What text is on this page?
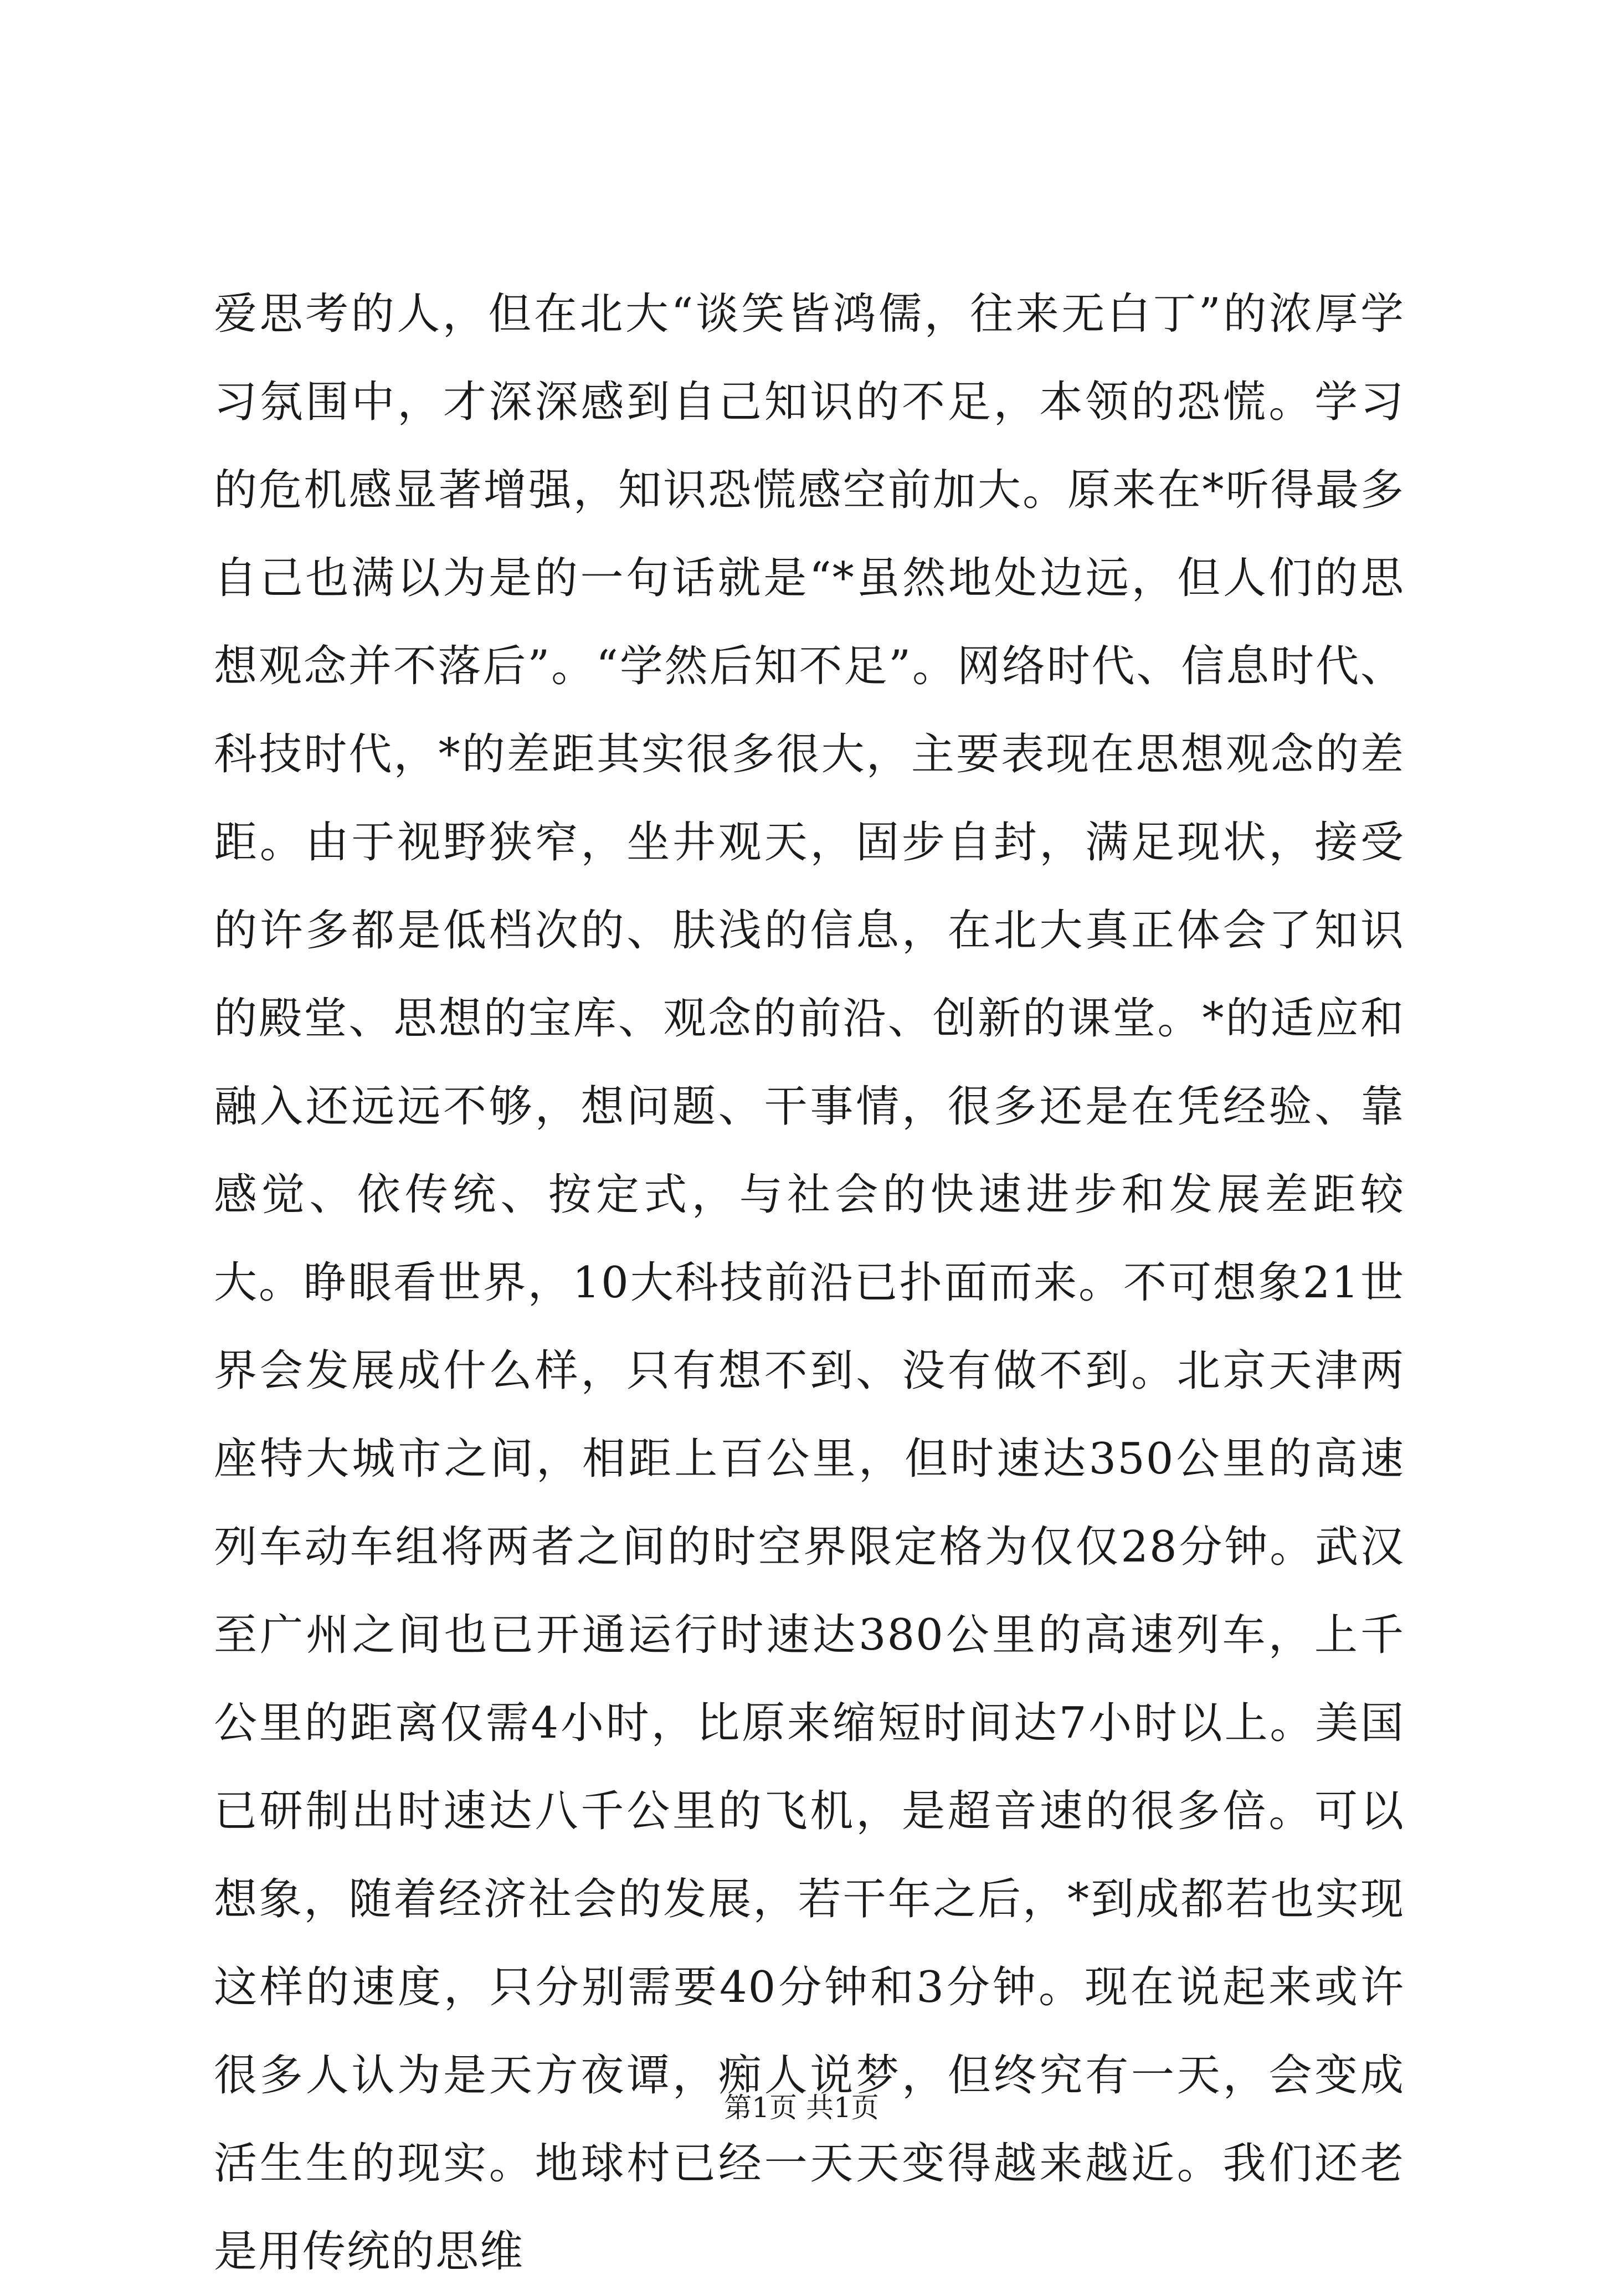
爱思考的人，但在北大“谈笑皆鸿儒，往来无白丁”的浓厚学习氛围中，才深深感到自己知识的不足，本领的恐慌。学习的危机感显著增强，知识恐慌感空前加大。原来在*听得最多自己也满以为是的一句话就是“*虽然地处边远，但人们的思想观念并不落后”。“学然后知不足”。网络时代、信息时代、科技时代，*的差距其实很多很大，主要表现在思想观念的差距。由于视野狭窄，坐井观天，固步自封，满足现状，接受的许多都是低档次的、肤浅的信息，在北大真正体会了知识的殿堂、思想的宝库、观念的前沿、创新的课堂。*的适应和融入还远远不够，想问题、干事情，很多还是在凭经验、靠感觉、依传统、按定式，与社会的快速进步和发展差距较大。睁眼看世界，10大科技前沿已扑面而来。不可想象21世界会发展成什么样，只有想不到、没有做不到。北京天津两座特大城市之间，相距上百公里，但时速达350公里的高速列车动车组将两者之间的时空界限定格为仅仅28分钟。武汉至广州之间也已开通运行时速达380公里的高速列车，上千公里的距离仅需4小时，比原来缩短时间达7小时以上。美国已研制出时速达八千公里的飞机，是超音速的很多倍。可以想象，随着经济社会的发展，若干年之后，*到成都若也实现这样的速度，只分别需要40分钟和3分钟。现在说起来或许很多人认为是天方夜谭，痴人说梦，但终究有一天，会变成活生生的现实。地球村已经一天天变得越来越近。我们还老是用传统的思维

第1页 共1页
